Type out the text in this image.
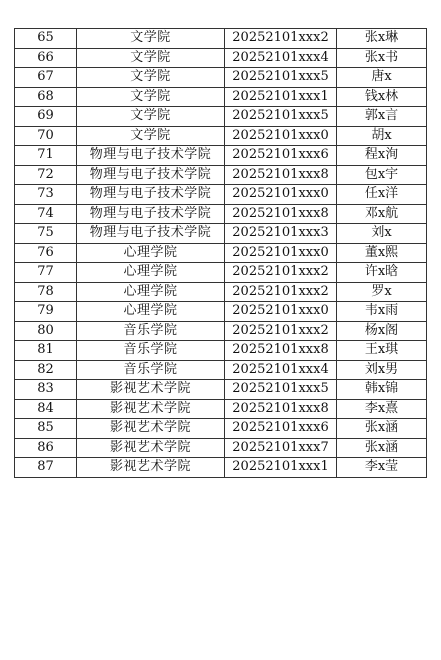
65	文学院	20252101xxx2	张x琳
66	文学院	20252101xxx4	张x书
67	文学院	20252101xxx5	唐x
68	文学院	20252101xxx1	钱x林
69	文学院	20252101xxx5	郭x言
70	文学院	20252101xxx0	胡x
71	物理与电子技术学院	20252101xxx6	程x洵
72	物理与电子技术学院	20252101xxx8	包x宇
73	物理与电子技术学院	20252101xxx0	任x洋
74	物理与电子技术学院	20252101xxx8	邓x航
75	物理与电子技术学院	20252101xxx3	刘x
76	心理学院	20252101xxx0	董x熙
77	心理学院	20252101xxx2	许x晗
78	心理学院	20252101xxx2	罗x
79	心理学院	20252101xxx0	韦x雨
80	音乐学院	20252101xxx2	杨x阁
81	音乐学院	20252101xxx8	王x琪
82	音乐学院	20252101xxx4	刘x男
83	影视艺术学院	20252101xxx5	韩x锦
84	影视艺术学院	20252101xxx8	李x熹
85	影视艺术学院	20252101xxx6	张x涵
86	影视艺术学院	20252101xxx7	张x涵
87	影视艺术学院	20252101xxx1	李x莹
